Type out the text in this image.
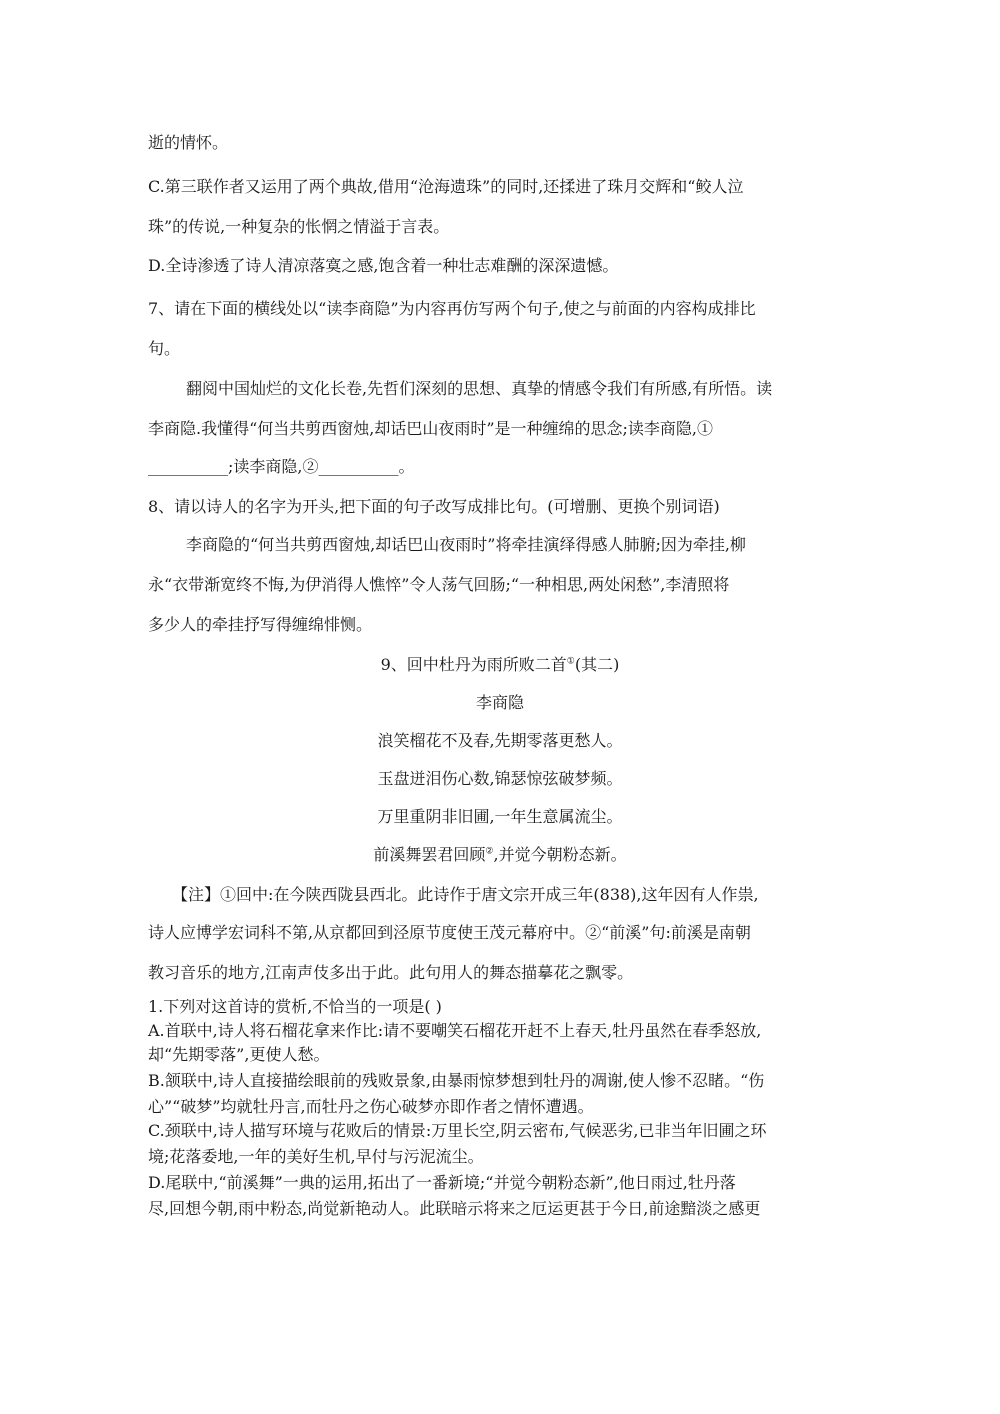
逝的情怀。
C.第三联作者又运用了两个典故,借用“沧海遗珠”的同时,还揉进了珠月交辉和“鲛人泣
珠”的传说,一种复杂的怅惘之情溢于言表。
D.全诗渗透了诗人清凉落寞之感,饱含着一种壮志难酬的深深遗憾。
7、请在下面的横线处以“读李商隐”为内容再仿写两个句子,使之与前面的内容构成排比
句。
翻阅中国灿烂的文化长卷,先哲们深刻的思想、真挚的情感令我们有所感,有所悟。读
李商隐.我懂得“何当共剪西窗烛,却话巴山夜雨时”是一种缠绵的思念;读李商隐,①
__________;读李商隐,②__________。
8、请以诗人的名字为开头,把下面的句子改写成排比句。(可增删、更换个别词语)
李商隐的“何当共剪西窗烛,却话巴山夜雨时”将牵挂演绎得感人肺腑;因为牵挂,柳
永“衣带渐宽终不悔,为伊消得人憔悴”令人荡气回肠;“一种相思,两处闲愁”,李清照将
多少人的牵挂抒写得缠绵悱恻。
9、回中杜丹为雨所败二首①(其二)
李商隐
浪笑榴花不及春,先期零落更愁人。
玉盘迸泪伤心数,锦瑟惊弦破梦频。
万里重阴非旧圃,一年生意属流尘。
前溪舞罢君回顾②,并觉今朝粉态新。
【注】①回中:在今陕西陇县西北。此诗作于唐文宗开成三年(838),这年因有人作祟,
诗人应博学宏词科不第,从京都回到泾原节度使王茂元幕府中。②“前溪”句:前溪是南朝
教习音乐的地方,江南声伎多出于此。此句用人的舞态描摹花之飘零。
1.下列对这首诗的赏析,不恰当的一项是( )
A.首联中,诗人将石榴花拿来作比:请不要嘲笑石榴花开赶不上春天,牡丹虽然在春季怒放,
却“先期零落”,更使人愁。
B.颔联中,诗人直接描绘眼前的残败景象,由暴雨惊梦想到牡丹的凋谢,使人惨不忍睹。“伤
心”“破梦”均就牡丹言,而牡丹之伤心破梦亦即作者之情怀遭遇。
C.颈联中,诗人描写环境与花败后的情景:万里长空,阴云密布,气候恶劣,已非当年旧圃之环
境;花落委地,一年的美好生机,早付与污泥流尘。
D.尾联中,“前溪舞”一典的运用,拓出了一番新境;“并觉今朝粉态新”,他日雨过,牡丹落
尽,回想今朝,雨中粉态,尚觉新艳动人。此联暗示将来之厄运更甚于今日,前途黯淡之感更
